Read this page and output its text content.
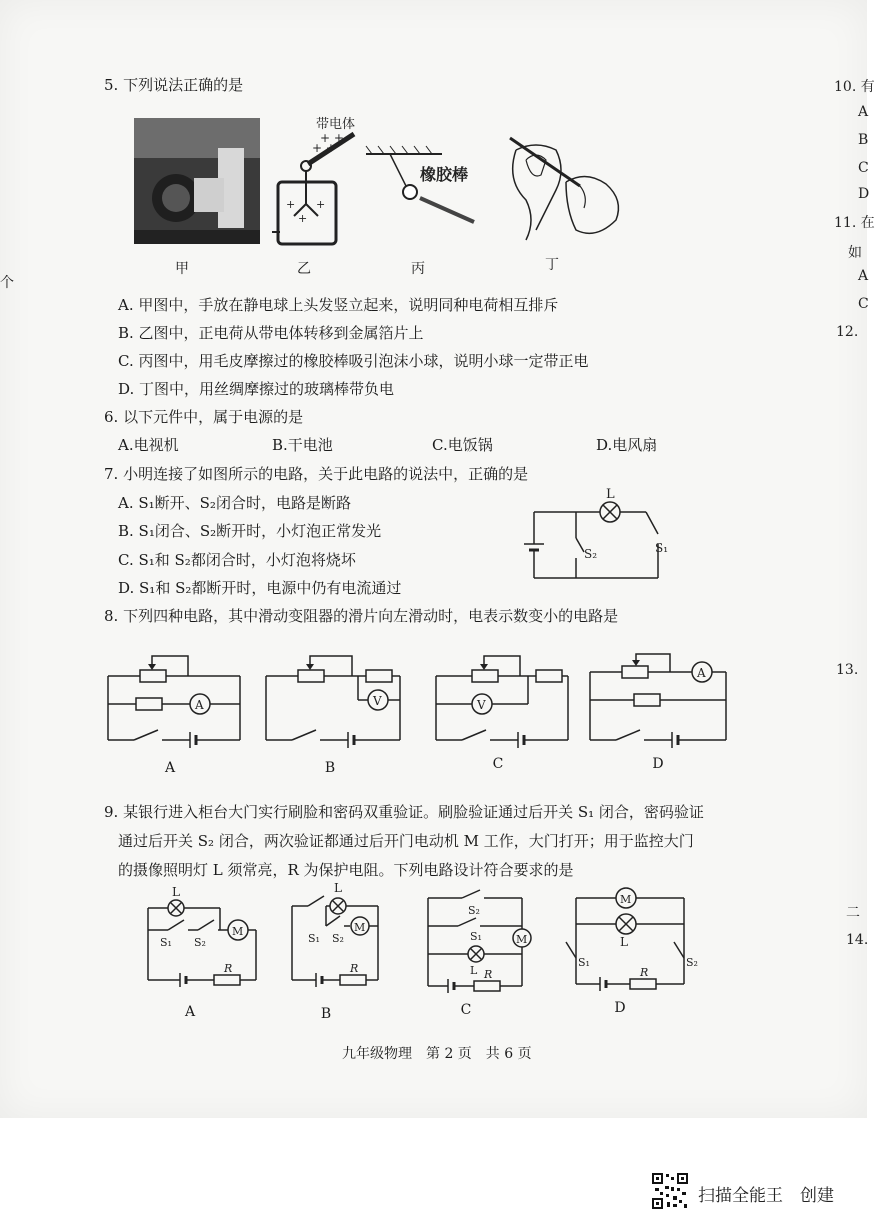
5. 下列说法正确的是
带电体
+ +
+ +
+ +
+
橡胶棒
甲	乙	丙	丁
A. 甲图中，手放在静电球上头发竖立起来，说明同种电荷相互排斥
B. 乙图中，正电荷从带电体转移到金属箔片上
C. 丙图中，用毛皮摩擦过的橡胶棒吸引泡沫小球，说明小球一定带正电
D. 丁图中，用丝绸摩擦过的玻璃棒带负电
6. 以下元件中，属于电源的是
A.电视机	B.干电池	C.电饭锅	D.电风扇
7. 小明连接了如图所示的电路，关于此电路的说法中，正确的是
A. S₁断开、S₂闭合时，电路是断路
B. S₁闭合、S₂断开时，小灯泡正常发光
C. S₁和 S₂都闭合时，小灯泡将烧坏
D. S₁和 S₂都断开时，电源中仍有电流通过
S₂
L
S₁
8. 下列四种电路，其中滑动变阻器的滑片向左滑动时，电表示数变小的电路是
A
A
V
B
V
C
A
D
9. 某银行进入柜台大门实行刷脸和密码双重验证。刷脸验证通过后开关 S₁ 闭合，密码验证
通过后开关 S₂ 闭合，两次验证都通过后开门电动机 M 工作，大门打开；用于监控大门
的摄像照明灯 L 须常亮，R 为保护电阻。下列电路设计符合要求的是
L
M
S₁ S₂
R
A
L
M
S₁ S₂
R
B
S₂
S₁
L
M
R
C
M
L
S₁	S₂
R
D
10. 有
A
B
C
D
11. 在
如
A
C
12.
13.
二
14.
个
九年级物理　第 2 页　共 6 页
扫描全能王　创建
